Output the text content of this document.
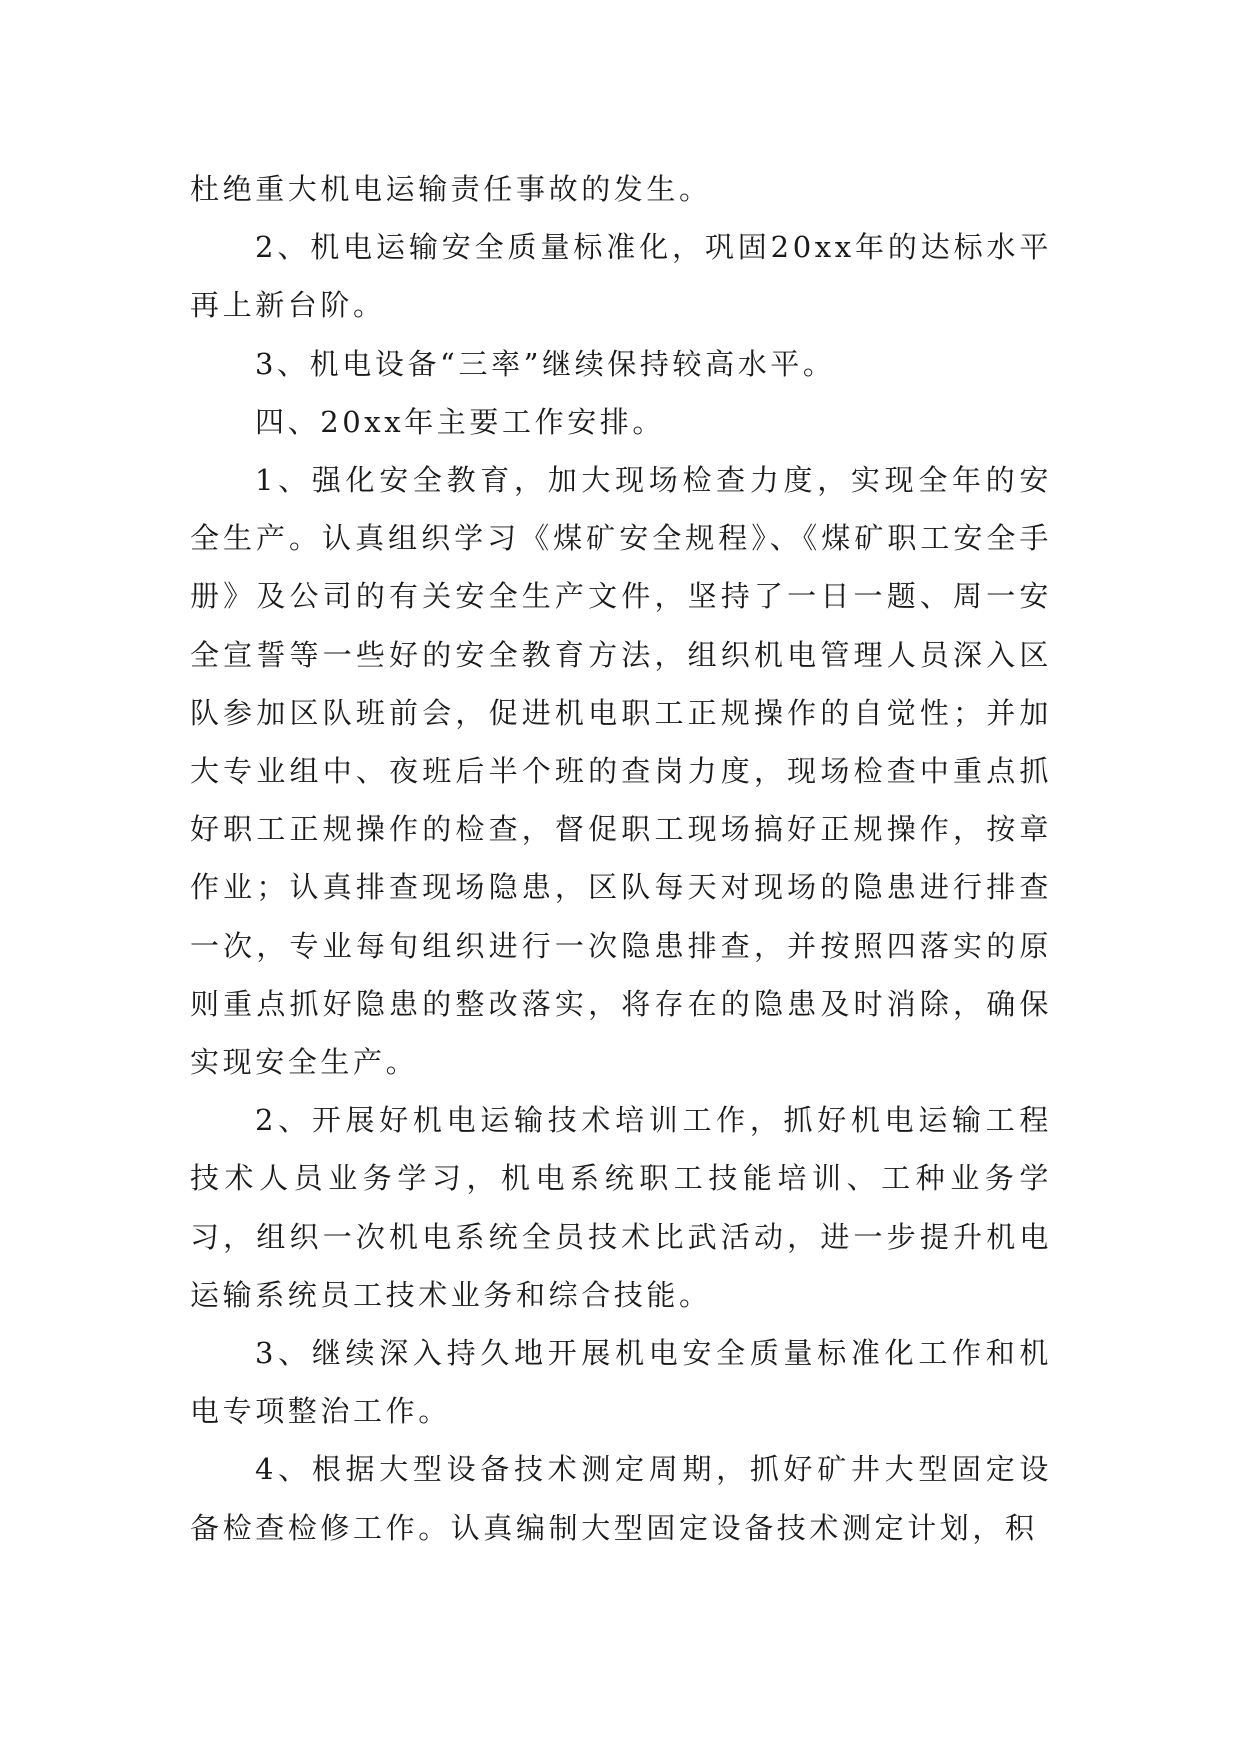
杜绝重大机电运输责任事故的发生。

2、机电运输安全质量标准化，巩固20xx年的达标水平再上新台阶。

3、机电设备“三率”继续保持较高水平。

四、20xx年主要工作安排。

1、强化安全教育，加大现场检查力度，实现全年的安全生产。认真组织学习《煤矿安全规程》、《煤矿职工安全手册》及公司的有关安全生产文件，坚持了一日一题、周一安全宣誓等一些好的安全教育方法，组织机电管理人员深入区队参加区队班前会，促进机电职工正规操作的自觉性；并加大专业组中、夜班后半个班的查岗力度，现场检查中重点抓好职工正规操作的检查，督促职工现场搞好正规操作，按章作业；认真排查现场隐患，区队每天对现场的隐患进行排查一次，专业每旬组织进行一次隐患排查，并按照四落实的原则重点抓好隐患的整改落实，将存在的隐患及时消除，确保实现安全生产。

2、开展好机电运输技术培训工作，抓好机电运输工程技术人员业务学习，机电系统职工技能培训、工种业务学习，组织一次机电系统全员技术比武活动，进一步提升机电运输系统员工技术业务和综合技能。

3、继续深入持久地开展机电安全质量标准化工作和机电专项整治工作。

4、根据大型设备技术测定周期，抓好矿井大型固定设备检查检修工作。认真编制大型固定设备技术测定计划，积
